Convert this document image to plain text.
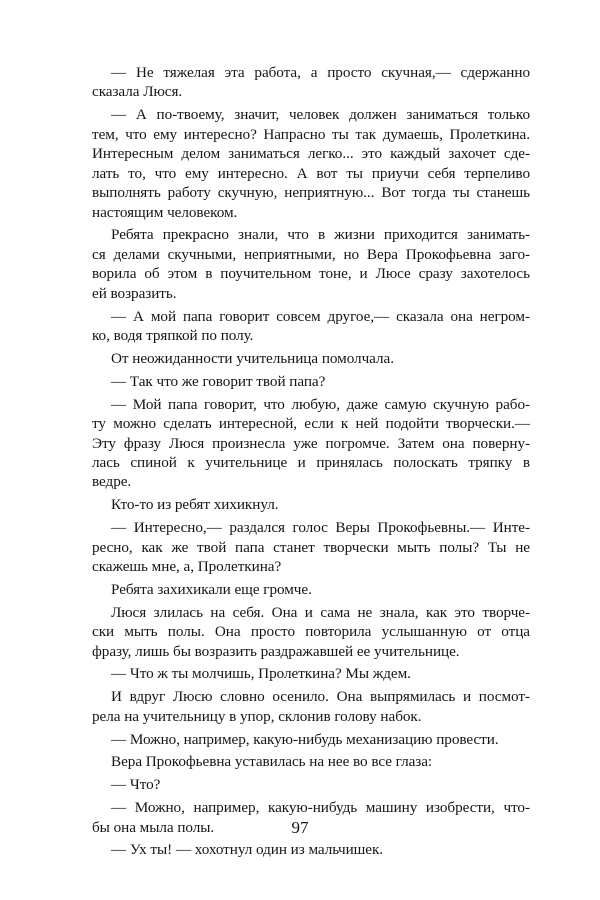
— Не тяжелая эта работа, а просто скучная,— сдержанно
сказала Люся.

— А по-твоему, значит, человек должен заниматься только
тем, что ему интересно? Напрасно ты так думаешь, Пролеткина.
Интересным делом заниматься легко... это каждый захочет сде-
лать то, что ему интересно. А вот ты приучи себя терпеливо
выполнять работу скучную, неприятную... Вот тогда ты станешь
настоящим человеком.

Ребята прекрасно знали, что в жизни приходится занимать-
ся делами скучными, неприятными, но Вера Прокофьевна заго-
ворила об этом в поучительном тоне, и Люсе сразу захотелось
ей возразить.

— А мой папа говорит совсем другое,— сказала она негром-
ко, водя тряпкой по полу.

От неожиданности учительница помолчала.

— Так что же говорит твой папа?

— Мой папа говорит, что любую, даже самую скучную рабо-
ту можно сделать интересной, если к ней подойти творчески.—
Эту фразу Люся произнесла уже погромче. Затем она поверну-
лась спиной к учительнице и принялась полоскать тряпку в
ведре.

Кто-то из ребят хихикнул.

— Интересно,— раздался голос Веры Прокофьевны.— Инте-
ресно, как же твой папа станет творчески мыть полы? Ты не
скажешь мне, а, Пролеткина?

Ребята захихикали еще громче.

Люся злилась на себя. Она и сама не знала, как это творче-
ски мыть полы. Она просто повторила услышанную от отца
фразу, лишь бы возразить раздражавшей ее учительнице.

— Что ж ты молчишь, Пролеткина? Мы ждем.

И вдруг Люсю словно осенило. Она выпрямилась и посмот-
рела на учительницу в упор, склонив голову набок.

— Можно, например, какую-нибудь механизацию провести.

Вера Прокофьевна уставилась на нее во все глаза:

— Что?

— Можно, например, какую-нибудь машину изобрести, что-
бы она мыла полы.

— Ух ты! — хохотнул один из мальчишек.

97
